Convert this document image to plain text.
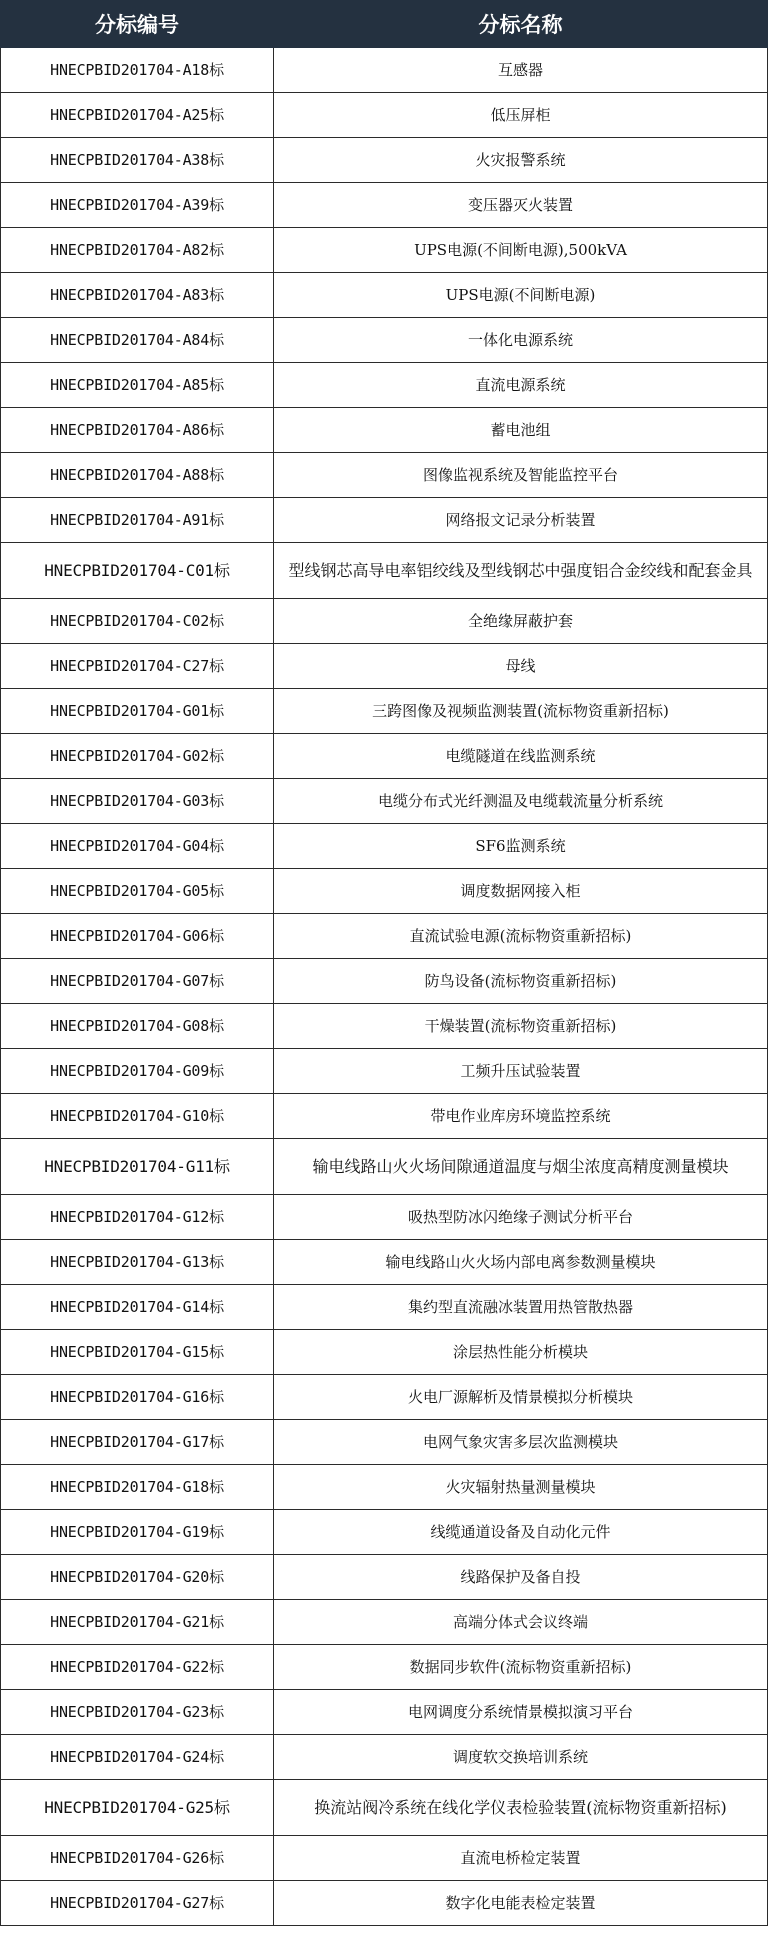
分标编号	分标名称
HNECPBID201704-A18标	互感器
HNECPBID201704-A25标	低压屏柜
HNECPBID201704-A38标	火灾报警系统
HNECPBID201704-A39标	变压器灭火装置
HNECPBID201704-A82标	UPS电源(不间断电源),500kVA
HNECPBID201704-A83标	UPS电源(不间断电源)
HNECPBID201704-A84标	一体化电源系统
HNECPBID201704-A85标	直流电源系统
HNECPBID201704-A86标	蓄电池组
HNECPBID201704-A88标	图像监视系统及智能监控平台
HNECPBID201704-A91标	网络报文记录分析装置
HNECPBID201704-C01标	型线钢芯高导电率铝绞线及型线钢芯中强度铝合金绞线和配套金具
HNECPBID201704-C02标	全绝缘屏蔽护套
HNECPBID201704-C27标	母线
HNECPBID201704-G01标	三跨图像及视频监测装置(流标物资重新招标)
HNECPBID201704-G02标	电缆隧道在线监测系统
HNECPBID201704-G03标	电缆分布式光纤测温及电缆载流量分析系统
HNECPBID201704-G04标	SF6监测系统
HNECPBID201704-G05标	调度数据网接入柜
HNECPBID201704-G06标	直流试验电源(流标物资重新招标)
HNECPBID201704-G07标	防鸟设备(流标物资重新招标)
HNECPBID201704-G08标	干燥装置(流标物资重新招标)
HNECPBID201704-G09标	工频升压试验装置
HNECPBID201704-G10标	带电作业库房环境监控系统
HNECPBID201704-G11标	输电线路山火火场间隙通道温度与烟尘浓度高精度测量模块
HNECPBID201704-G12标	吸热型防冰闪绝缘子测试分析平台
HNECPBID201704-G13标	输电线路山火火场内部电离参数测量模块
HNECPBID201704-G14标	集约型直流融冰装置用热管散热器
HNECPBID201704-G15标	涂层热性能分析模块
HNECPBID201704-G16标	火电厂源解析及情景模拟分析模块
HNECPBID201704-G17标	电网气象灾害多层次监测模块
HNECPBID201704-G18标	火灾辐射热量测量模块
HNECPBID201704-G19标	线缆通道设备及自动化元件
HNECPBID201704-G20标	线路保护及备自投
HNECPBID201704-G21标	高端分体式会议终端
HNECPBID201704-G22标	数据同步软件(流标物资重新招标)
HNECPBID201704-G23标	电网调度分系统情景模拟演习平台
HNECPBID201704-G24标	调度软交换培训系统
HNECPBID201704-G25标	换流站阀冷系统在线化学仪表检验装置(流标物资重新招标)
HNECPBID201704-G26标	直流电桥检定装置
HNECPBID201704-G27标	数字化电能表检定装置
